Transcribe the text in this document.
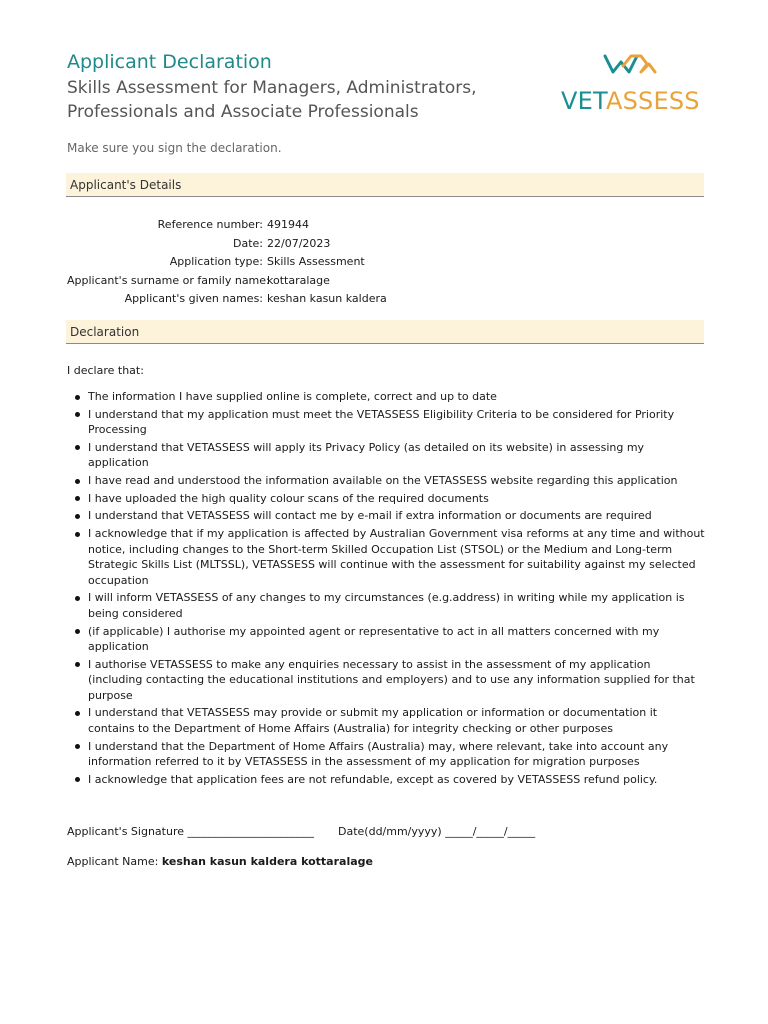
Applicant Declaration
Skills Assessment for Managers, Administrators, Professionals and Associate Professionals	VETASSESS
Make sure you sign the declaration.
Applicant's Details
Reference number: 491944
Date: 22/07/2023
Application type: Skills Assessment
Applicant's surname or family name:
kottaralage
Applicant's given names: keshan kasun kaldera
Declaration
I declare that:
The information I have supplied online is complete, correct and up to date
I understand that my application must meet the VETASSESS Eligibility Criteria to be considered for Priority Processing
I understand that VETASSESS will apply its Privacy Policy (as detailed on its website) in assessing my application
I have read and understood the information available on the VETASSESS website regarding this application
I have uploaded the high quality colour scans of the required documents
I understand that VETASSESS will contact me by e-mail if extra information or documents are required
I acknowledge that if my application is affected by Australian Government visa reforms at any time and without notice, including changes to the Short-term Skilled Occupation List (STSOL) or the Medium and Long-term Strategic Skills List (MLTSSL), VETASSESS will continue with the assessment for suitability against my selected occupation
I will inform VETASSESS of any changes to my circumstances (e.g.address) in writing while my application is being considered
(if applicable) I authorise my appointed agent or representative to act in all matters concerned with my application
I authorise VETASSESS to make any enquiries necessary to assist in the assessment of my application (including contacting the educational institutions and employers) and to use any information supplied for that purpose
I understand that VETASSESS may provide or submit my application or information or documentation it contains to the Department of Home Affairs (Australia) for integrity checking or other purposes
I understand that the Department of Home Affairs (Australia) may, where relevant, take into account any information referred to it by VETASSESS in the assessment of my application for migration purposes
I acknowledge that application fees are not refundable, except as covered by VETASSESS refund policy.
Applicant's Signature _______________________ Date(dd/mm/yyyy) _____/_____/_____
Applicant Name: keshan kasun kaldera kottaralage
